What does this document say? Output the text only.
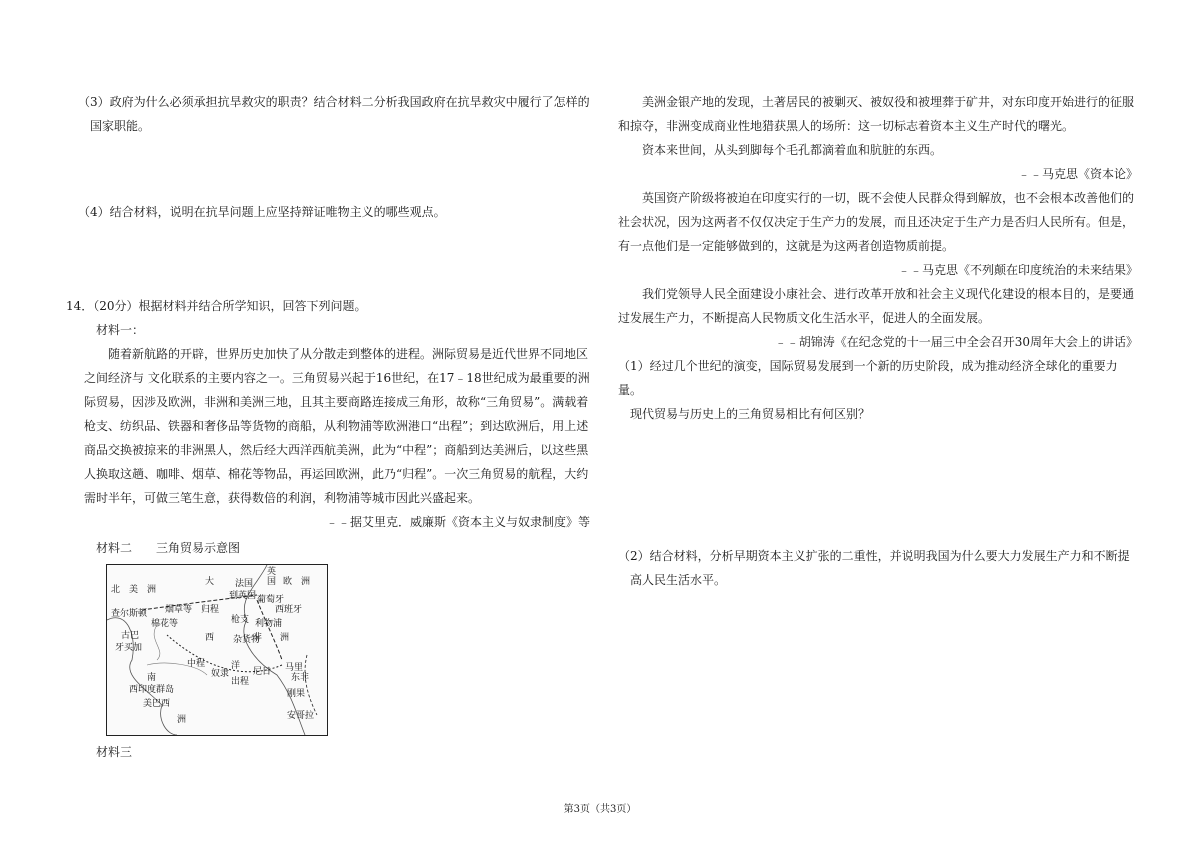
（3）政府为什么必须承担抗旱救灾的职责？结合材料二分析我国政府在抗旱救灾中履行了怎样的

国家职能。

（4）结合材料，说明在抗旱问题上应坚持辩证唯物主义的哪些观点。

14．（20分）根据材料并结合所学知识，回答下列问题。

材料一：

随着新航路的开辟，世界历史加快了从分散走到整体的进程。洲际贸易是近代世界不同地区之间经济与 文化联系的主要内容之一。三角贸易兴起于16世纪，在17﹣18世纪成为最重要的洲际贸易，因涉及欧洲，非洲和美洲三地，且其主要商路连接成三角形，故称“三角贸易”。满载着枪支、纺织品、铁器和奢侈品等货物的商船，从利物浦等欧洲港口“出程”；到达欧洲后，用上述商品交换被掠来的非洲黑人，然后经大西洋西航美洲，此为“中程”；商船到达美洲后，以这些黑人换取这趟、咖啡、烟草、棉花等物品，再运回欧洲，此乃“归程”。一次三角贸易的航程，大约需时半年，可做三笔生意，获得数倍的利润，利物浦等城市因此兴盛起来。

﹣﹣据艾里克．威廉斯《资本主义与奴隶制度》等

材料二　　三角贸易示意图

北　美　洲
大 法国
英
国 欧　洲
到英国 葡萄牙
西班牙
查尔斯顿 烟草等 归程
棉花等	枪支 利物浦
古巴
牙买加
西 杂货物
非　　洲
中程	洋
奴隶	尼日 马里
东非
南	出程
刚果
西印度群岛
美巴西
洲	安哥拉

材料三

美洲金银产地的发现，土著居民的被剿灭、被奴役和被埋葬于矿井，对东印度开始进行的征服和掠夺，非洲变成商业性地猎获黑人的场所：这一切标志着资本主义生产时代的曙光。

资本来世间，从头到脚每个毛孔都滴着血和肮脏的东西。

﹣﹣马克思《资本论》

英国资产阶级将被迫在印度实行的一切，既不会使人民群众得到解放，也不会根本改善他们的社会状况，因为这两者不仅仅决定于生产力的发展，而且还决定于生产力是否归人民所有。但是，有一点他们是一定能够做到的，这就是为这两者创造物质前提。

﹣﹣马克思《不列颠在印度统治的未来结果》

我们党领导人民全面建设小康社会、进行改革开放和社会主义现代化建设的根本目的，是要通过发展生产力，不断提高人民物质文化生活水平，促进人的全面发展。

﹣﹣胡锦涛《在纪念党的十一届三中全会召开30周年大会上的讲话》

（1）经过几个世纪的演变，国际贸易发展到一个新的历史阶段，成为推动经济全球化的重要力量。

现代贸易与历史上的三角贸易相比有何区别？

（2）结合材料，分析早期资本主义扩张的二重性，并说明我国为什么要大力发展生产力和不断提

高人民生活水平。

第3页（共3页）
